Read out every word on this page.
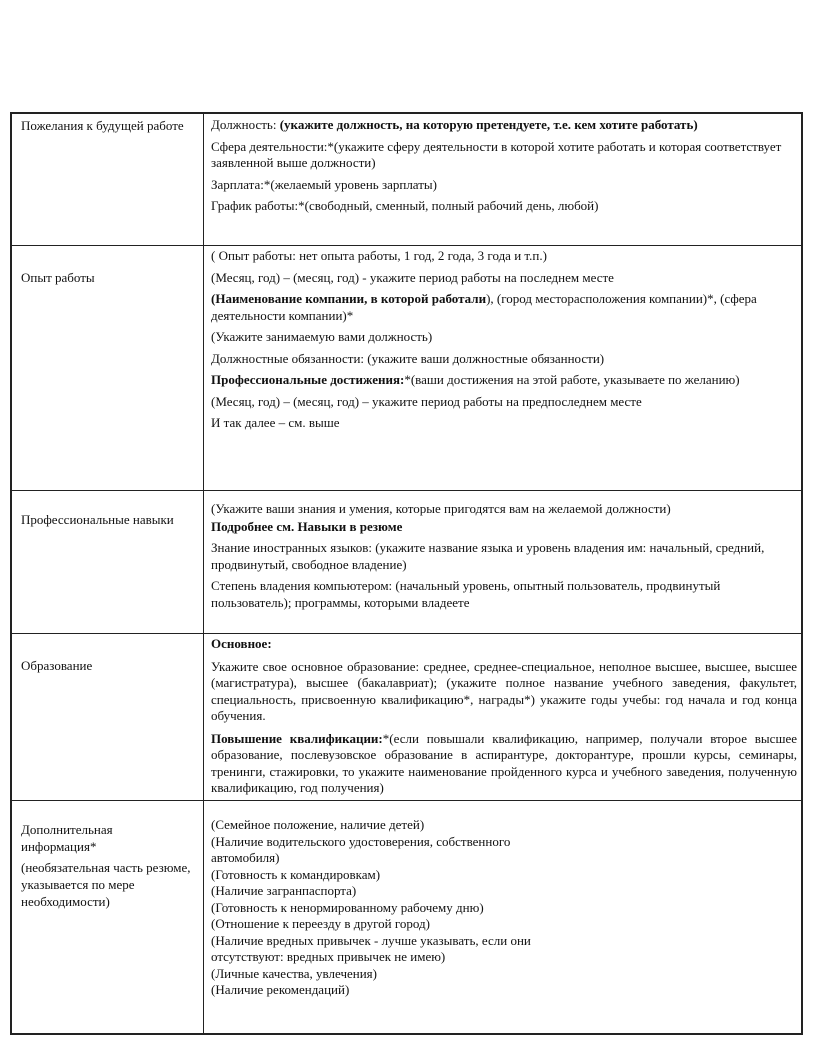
Пожелания к будущей работе	Должность: (укажите должность, на которую претендуете, т.е. кем хотите работать)

Сфера деятельности:*(укажите сферу деятельности в которой хотите работать и которая соответствует заявленной выше должности)

Зарплата:*(желаемый уровень зарплаты)

График работы:*(свободный, сменный, полный рабочий день, любой)

Опыт работы

( Опыт работы: нет опыта работы, 1 год, 2 года, 3 года и т.п.)

(Месяц, год) – (месяц, год) - укажите период работы на последнем месте

(Наименование компании, в которой работали), (город месторасположения компании)*, (сфера деятельности компании)*

(Укажите занимаемую вами должность)

Должностные обязанности: (укажите ваши должностные обязанности)

Профессиональные достижения:*(ваши достижения на этой работе, указываете по желанию)

(Месяц, год) – (месяц, год) – укажите период работы на предпоследнем месте

И так далее – см. выше

Профессиональные навыки

(Укажите ваши знания и умения, которые пригодятся вам на желаемой должности)

Подробнее см. Навыки в резюме

Знание иностранных языков: (укажите название языка и уровень владения им: начальный, средний, продвинутый, свободное владение)

Степень владения компьютером: (начальный уровень, опытный пользователь, продвинутый пользователь); программы, которыми владеете

Образование

Основное:

Укажите свое основное образование: среднее, среднее-специальное, неполное высшее, высшее, высшее (магистратура), высшее (бакалавриат); (укажите полное название учебного заведения, факультет, специальность, присвоенную квалификацию*, награды*) укажите годы учебы: год начала и год конца обучения.

Повышение квалификации:*(если повышали квалификацию, например, получали второе высшее образование, послевузовское образование в аспирантуре, докторантуре, прошли курсы, семинары, тренинги, стажировки, то укажите наименование пройденного курса и учебного заведения, полученную квалификацию, год получения)

Дополнительная информация*

(необязательная часть резюме, указывается по мере необходимости)

(Семейное положение, наличие детей)

(Наличие водительского удостоверения, собственного

автомобиля)

(Готовность к командировкам)

(Наличие загранпаспорта)

(Готовность к ненормированному рабочему дню)

(Отношение к переезду в другой город)

(Наличие вредных привычек - лучше указывать, если они

отсутствуют: вредных привычек не имею)

(Личные качества, увлечения)

(Наличие рекомендаций)
